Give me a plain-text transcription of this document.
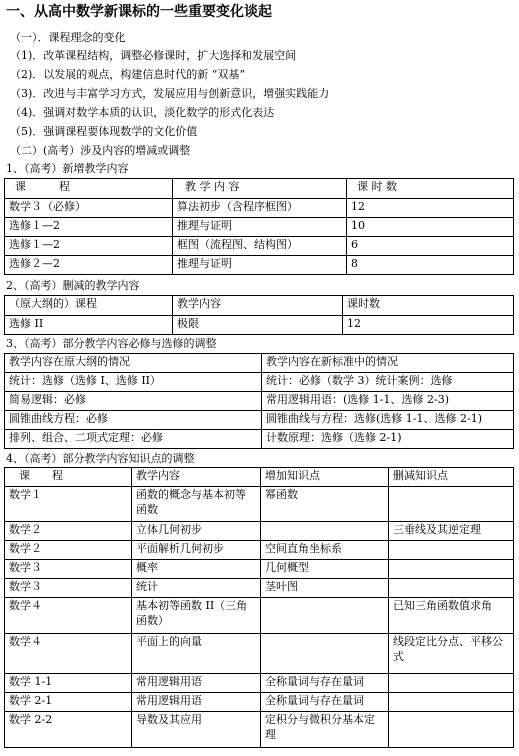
一、从高中数学新课标的一些重要变化谈起
（一）．课程理念的变化
（1)．改革课程结构，调整必修课时，扩大选择和发展空间
（2)．以发展的观点，构建信息时代的新 “双基”
（3)．改进与丰富学习方式，发展应用与创新意识，增强实践能力
（4)．强调对数学本质的认识，淡化数学的形式化表达
（5)．强调课程要体现数学的文化价值
（二）(高考）涉及内容的增减或调整
1、（高考）新增教学内容
课　　　程	教 学 内 容	课 时 数
数学３（必修）	算法初步（含程序框图）	12
选修１—2	推理与证明	10
选修１—2	框图（流程图、结构图）	6
选修２—2	推理与证明	8
2、（高考）删减的教学内容
（原大纲的）课程	教学内容	课时数
选修 II	极限	12
3、（高考）部分教学内容必修与选修的调整
教学内容在原大纲的情况	教学内容在新标准中的情况
统计：选修（选修 I、选修 II）	统计：必修（数学 3）统计案例：选修
简易逻辑：必修	常用逻辑用语：(选修 1-1、选修 2-3)
圆锥曲线方程：必修	圆锥曲线与方程：选修(选修 1-1、选修 2-1)
排列、组合、二项式定理：必修	计数原理：选修（选修 2-1)
4、（高考）部分教学内容知识点的调整
课　　程	教学内容	增加知识点	删减知识点
数学１	函数的概念与基本初等函数	幂函数	
数学２	立体几何初步		三垂线及其逆定理
数学２	平面解析几何初步	空间直角坐标系	
数学３	概率	几何概型	
数学３	统计	茎叶图	
数学４	基本初等函数 II（三角函数）		已知三角函数值求角
数学４	平面上的向量		线段定比分点、平移公式
数学 1-1	常用逻辑用语	全称量词与存在量词	
数学 2-1	常用逻辑用语	全称量词与存在量词	
数学 2-2	导数及其应用	定积分与微积分基本定理	
